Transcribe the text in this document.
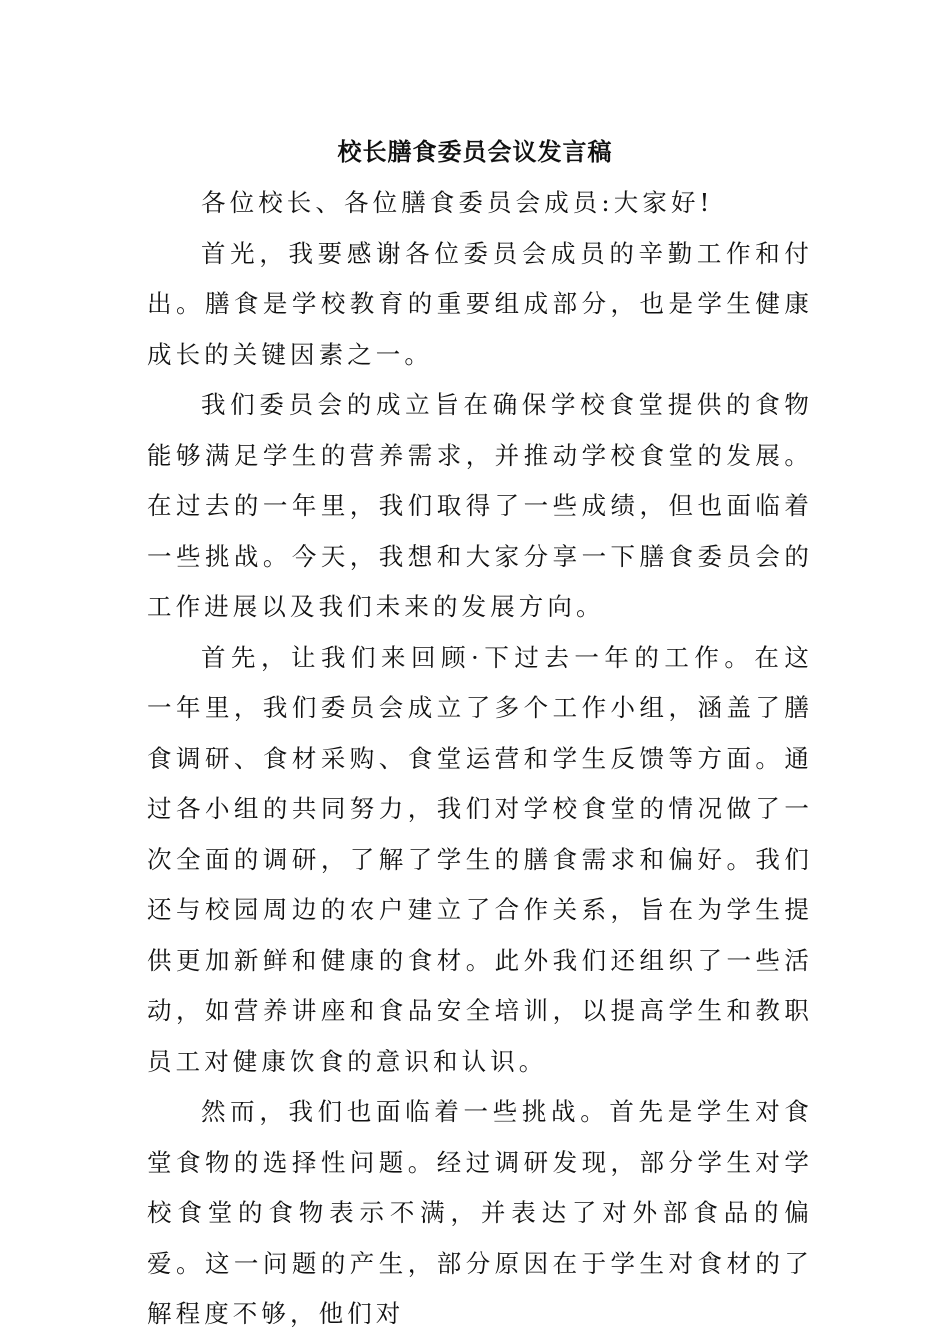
校长膳食委员会议发言稿

各位校长、各位膳食委员会成员:大家好!

首光，我要感谢各位委员会成员的辛勤工作和付出。膳食是学校教育的重要组成部分，也是学生健康成长的关键因素之一。

我们委员会的成立旨在确保学校食堂提供的食物能够满足学生的营养需求，并推动学校食堂的发展。在过去的一年里，我们取得了一些成绩，但也面临着一些挑战。今天，我想和大家分享一下膳食委员会的工作进展以及我们未来的发展方向。

首先，让我们来回顾·下过去一年的工作。在这一年里，我们委员会成立了多个工作小组，涵盖了膳食调研、食材采购、食堂运营和学生反馈等方面。通过各小组的共同努力，我们对学校食堂的情况做了一次全面的调研，了解了学生的膳食需求和偏好。我们还与校园周边的农户建立了合作关系，旨在为学生提供更加新鲜和健康的食材。此外我们还组织了一些活动，如营养讲座和食品安全培训，以提高学生和教职员工对健康饮食的意识和认识。

然而，我们也面临着一些挑战。首先是学生对食堂食物的选择性问题。经过调研发现，部分学生对学校食堂的食物表示不满，并表达了对外部食品的偏爱。这一问题的产生，部分原因在于学生对食材的了解程度不够，他们对
